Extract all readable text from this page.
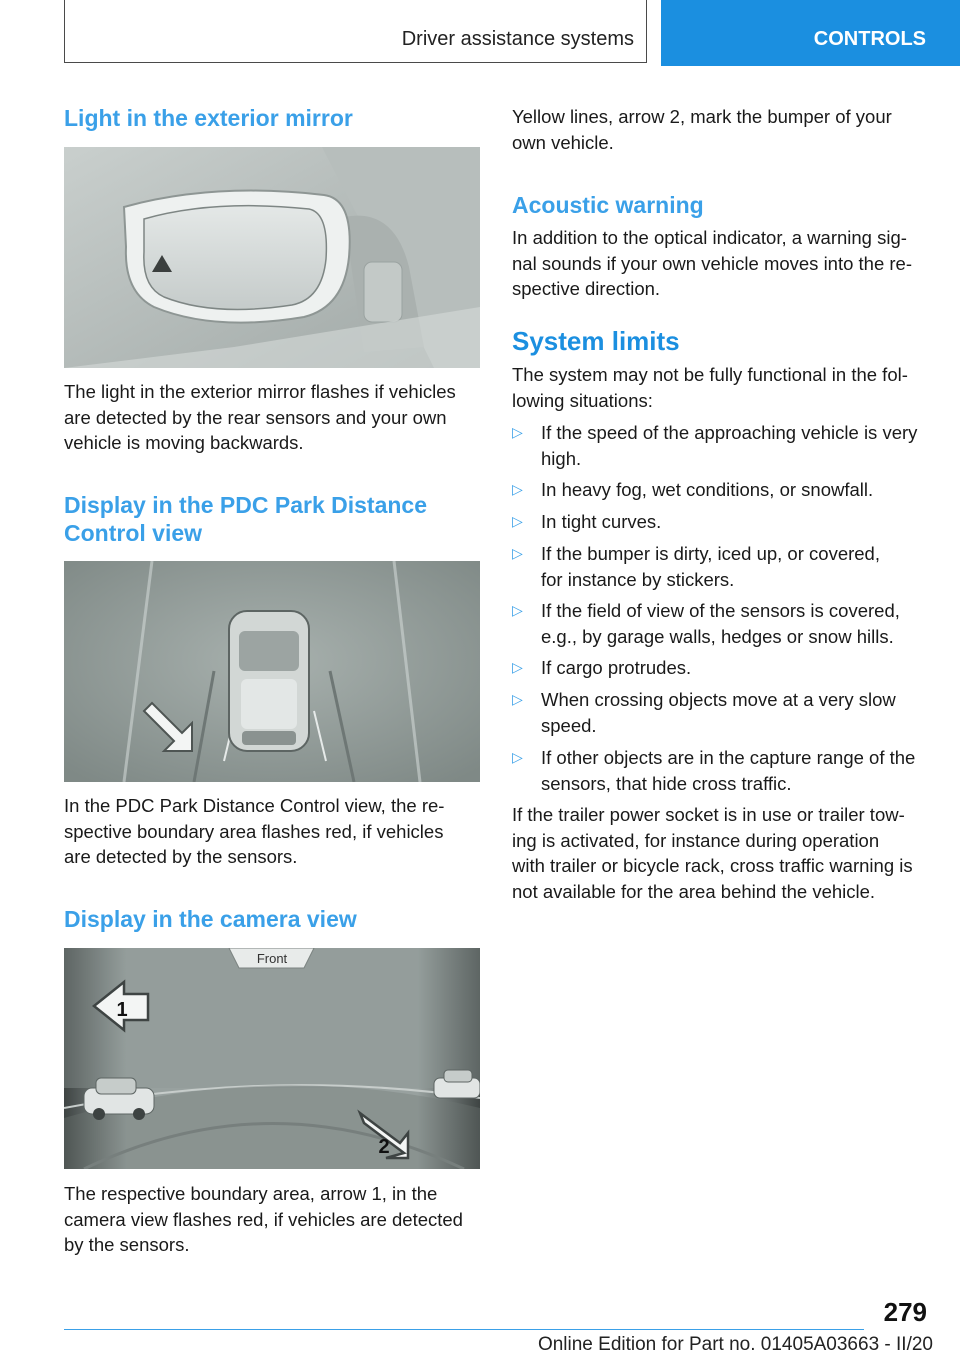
Driver assistance systems	CONTROLS
Light in the exterior mirror

The light in the exterior mirror flashes if vehicles
are detected by the rear sensors and your own
vehicle is moving backwards.

Display in the PDC Park Distance
Control view

In the PDC Park Distance Control view, the re‐
spective boundary area flashes red, if vehicles
are detected by the sensors.

Display in the camera view
Front
1
2

The respective boundary area, arrow 1, in the
camera view flashes red, if vehicles are detected
by the sensors.

Yellow lines, arrow 2, mark the bumper of your
own vehicle.

Acoustic warning

In addition to the optical indicator, a warning sig‐
nal sounds if your own vehicle moves into the re‐
spective direction.

System limits

The system may not be fully functional in the fol‐
lowing situations:

▷ If the speed of the approaching vehicle is very
high.
▷ In heavy fog, wet conditions, or snowfall.
▷ In tight curves.
▷ If the bumper is dirty, iced up, or covered,
for instance by stickers.
▷ If the field of view of the sensors is covered,
e.g., by garage walls, hedges or snow hills.
▷ If cargo protrudes.
▷ When crossing objects move at a very slow
speed.
▷ If other objects are in the capture range of the
sensors, that hide cross traffic.

If the trailer power socket is in use or trailer tow‐
ing is activated, for instance during operation
with trailer or bicycle rack, cross traffic warning is
not available for the area behind the vehicle.

279
Online Edition for Part no. 01405A03663 - II/20
